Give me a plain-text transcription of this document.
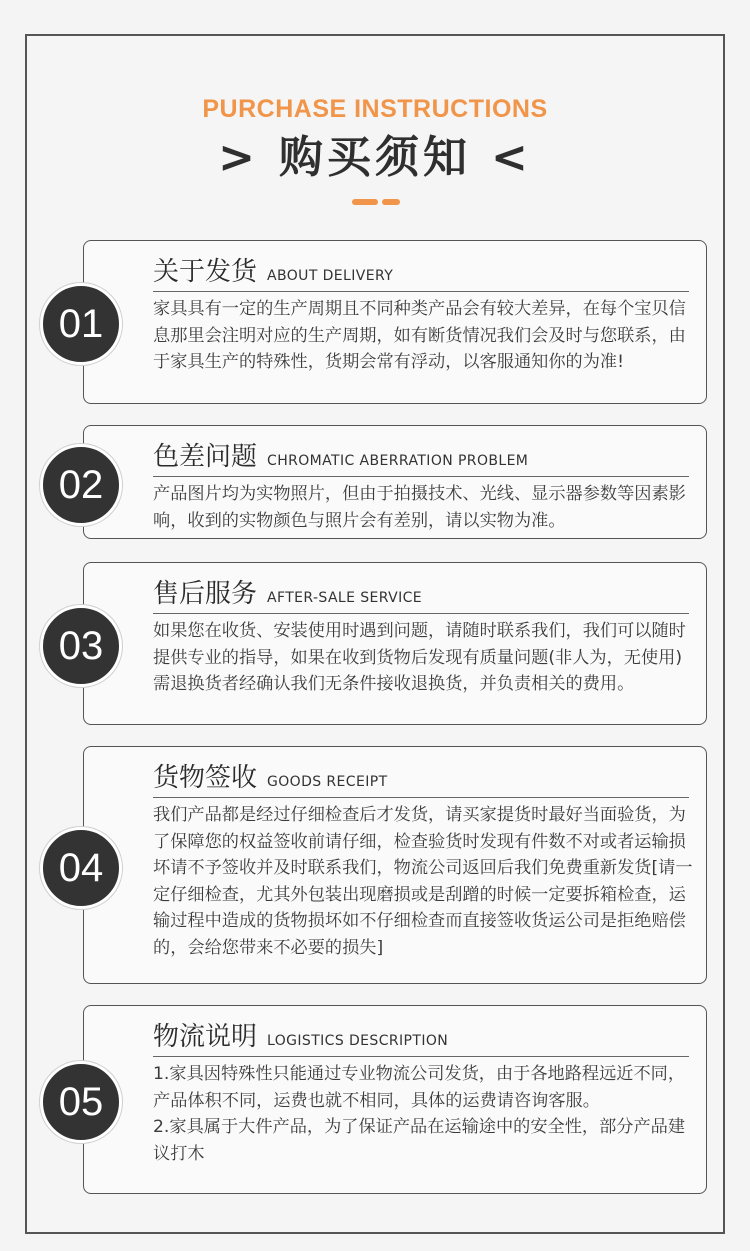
PURCHASE INSTRUCTIONS
> 购买须知 <
01
关于发货 ABOUT DELIVERY

家具具有一定的生产周期且不同种类产品会有较大差异，在每个宝贝信息那里会注明对应的生产周期，如有断货情况我们会及时与您联系，由于家具生产的特殊性，货期会常有浮动，以客服通知你的为准!

02
色差问题 CHROMATIC ABERRATION PROBLEM

产品图片均为实物照片，但由于拍摄技术、光线、显示器参数等因素影响，收到的实物颜色与照片会有差别，请以实物为准。

03
售后服务 AFTER-SALE SERVICE

如果您在收货、安装使用时遇到问题，请随时联系我们，我们可以随时提供专业的指导，如果在收到货物后发现有质量问题(非人为，无使用)需退换货者经确认我们无条件接收退换货，并负责相关的费用。

04
货物签收 GOODS RECEIPT

我们产品都是经过仔细检查后才发货，请买家提货时最好当面验货，为了保障您的权益签收前请仔细，检查验货时发现有件数不对或者运输损坏请不予签收并及时联系我们，物流公司返回后我们免费重新发货[请一定仔细检查，尤其外包装出现磨损或是刮蹭的时候一定要拆箱检查，运输过程中造成的货物损坏如不仔细检查而直接签收货运公司是拒绝赔偿的，会给您带来不必要的损失]

05
物流说明 LOGISTICS DESCRIPTION

1.家具因特殊性只能通过专业物流公司发货，由于各地路程远近不同，产品体积不同，运费也就不相同，具体的运费请咨询客服。

2.家具属于大件产品，为了保证产品在运输途中的安全性，部分产品建议打木
